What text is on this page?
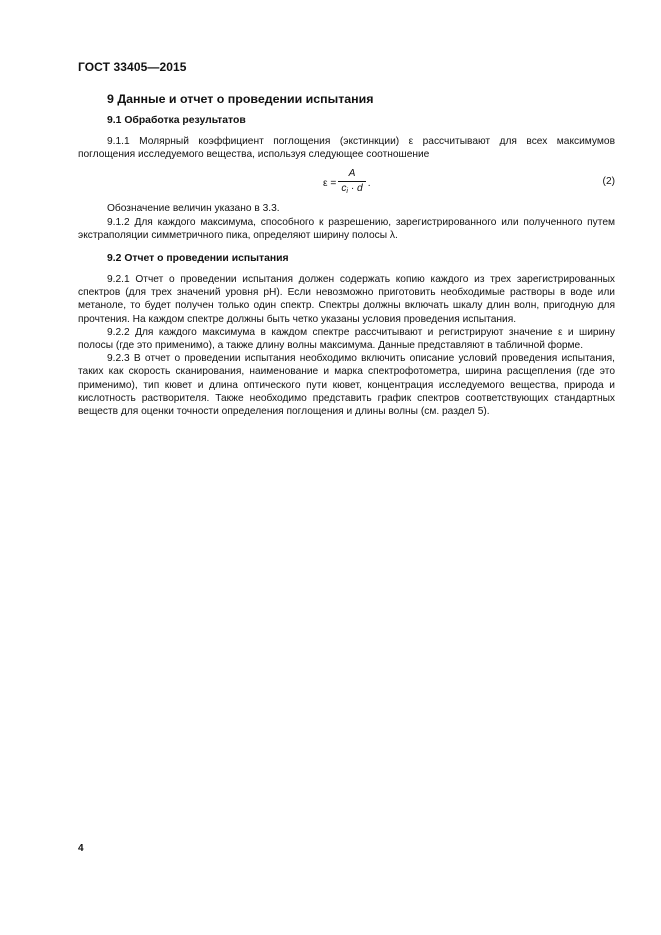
ГОСТ 33405—2015
9 Данные и отчет о проведении испытания
9.1 Обработка результатов

9.1.1 Молярный коэффициент поглощения (экстинкции) ε рассчитывают для всех максимумов поглощения исследуемого вещества, используя следующее соотношение

$\varepsilon = \frac{A}{c_i \cdot d}$ .	(2)

Обозначение величин указано в 3.3.

9.1.2 Для каждого максимума, способного к разрешению, зарегистрированного или полученного путем экстраполяции симметричного пика, определяют ширину полосы λ.

9.2 Отчет о проведении испытания

9.2.1 Отчет о проведении испытания должен содержать копию каждого из трех зарегистрированных спектров (для трех значений уровня pH). Если невозможно приготовить необходимые растворы в воде или метаноле, то будет получен только один спектр. Спектры должны включать шкалу длин волн, пригодную для прочтения. На каждом спектре должны быть четко указаны условия проведения испытания.

9.2.2 Для каждого максимума в каждом спектре рассчитывают и регистрируют значение ε и ширину полосы (где это применимо), а также длину волны максимума. Данные представляют в табличной форме.

9.2.3 В отчет о проведении испытания необходимо включить описание условий проведения испытания, таких как скорость сканирования, наименование и марка спектрофотометра, ширина расщепления (где это применимо), тип кювет и длина оптического пути кювет, концентрация исследуемого вещества, природа и кислотность растворителя. Также необходимо представить график спектров соответствующих стандартных веществ для оценки точности определения поглощения и длины волны (см. раздел 5).

4
